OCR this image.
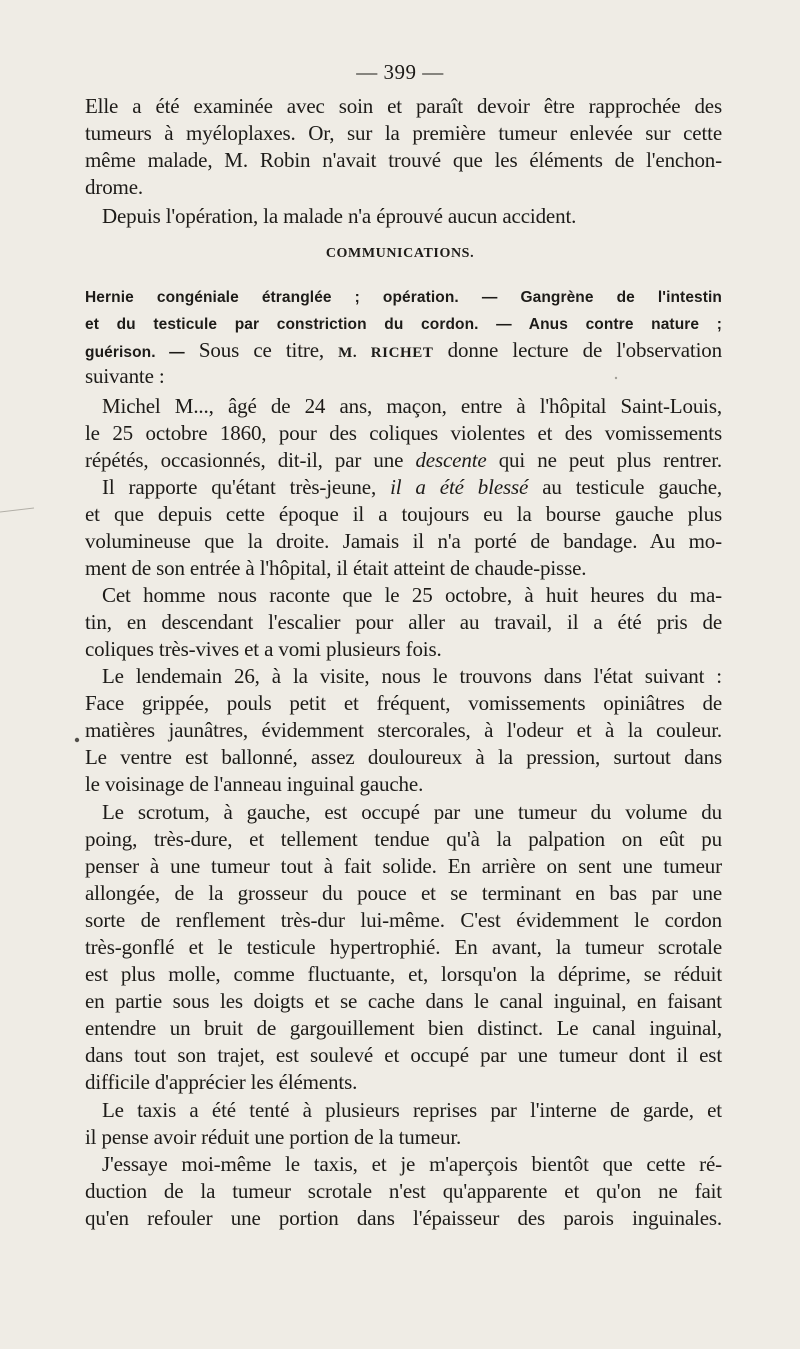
— 399 —
Elle a été examinée avec soin et paraît devoir être rapprochée des
tumeurs à myéloplaxes. Or, sur la première tumeur enlevée sur cette
même malade, M. Robin n'avait trouvé que les éléments de l'enchon-
drome.
Depuis l'opération, la malade n'a éprouvé aucun accident.
COMMUNICATIONS.
Hernie congéniale étranglée ; opération. — Gangrène de l'intestin
et du testicule par constriction du cordon. — Anus contre nature ;
guérison. — Sous ce titre, M. RICHET donne lecture de l'observation
suivante :
Michel M..., âgé de 24 ans, maçon, entre à l'hôpital Saint-Louis,
le 25 octobre 1860, pour des coliques violentes et des vomissements
répétés, occasionnés, dit-il, par une descente qui ne peut plus rentrer.
Il rapporte qu'étant très-jeune, il a été blessé au testicule gauche,
et que depuis cette époque il a toujours eu la bourse gauche plus
volumineuse que la droite. Jamais il n'a porté de bandage. Au mo-
ment de son entrée à l'hôpital, il était atteint de chaude-pisse.
Cet homme nous raconte que le 25 octobre, à huit heures du ma-
tin, en descendant l'escalier pour aller au travail, il a été pris de
coliques très-vives et a vomi plusieurs fois.
Le lendemain 26, à la visite, nous le trouvons dans l'état suivant :
Face grippée, pouls petit et fréquent, vomissements opiniâtres de
matières jaunâtres, évidemment stercorales, à l'odeur et à la couleur.
Le ventre est ballonné, assez douloureux à la pression, surtout dans
le voisinage de l'anneau inguinal gauche.
Le scrotum, à gauche, est occupé par une tumeur du volume du
poing, très-dure, et tellement tendue qu'à la palpation on eût pu
penser à une tumeur tout à fait solide. En arrière on sent une tumeur
allongée, de la grosseur du pouce et se terminant en bas par une
sorte de renflement très-dur lui-même. C'est évidemment le cordon
très-gonflé et le testicule hypertrophié. En avant, la tumeur scrotale
est plus molle, comme fluctuante, et, lorsqu'on la déprime, se réduit
en partie sous les doigts et se cache dans le canal inguinal, en faisant
entendre un bruit de gargouillement bien distinct. Le canal inguinal,
dans tout son trajet, est soulevé et occupé par une tumeur dont il est
difficile d'apprécier les éléments.
Le taxis a été tenté à plusieurs reprises par l'interne de garde, et
il pense avoir réduit une portion de la tumeur.
J'essaye moi-même le taxis, et je m'aperçois bientôt que cette ré-
duction de la tumeur scrotale n'est qu'apparente et qu'on ne fait
qu'en refouler une portion dans l'épaisseur des parois inguinales.
